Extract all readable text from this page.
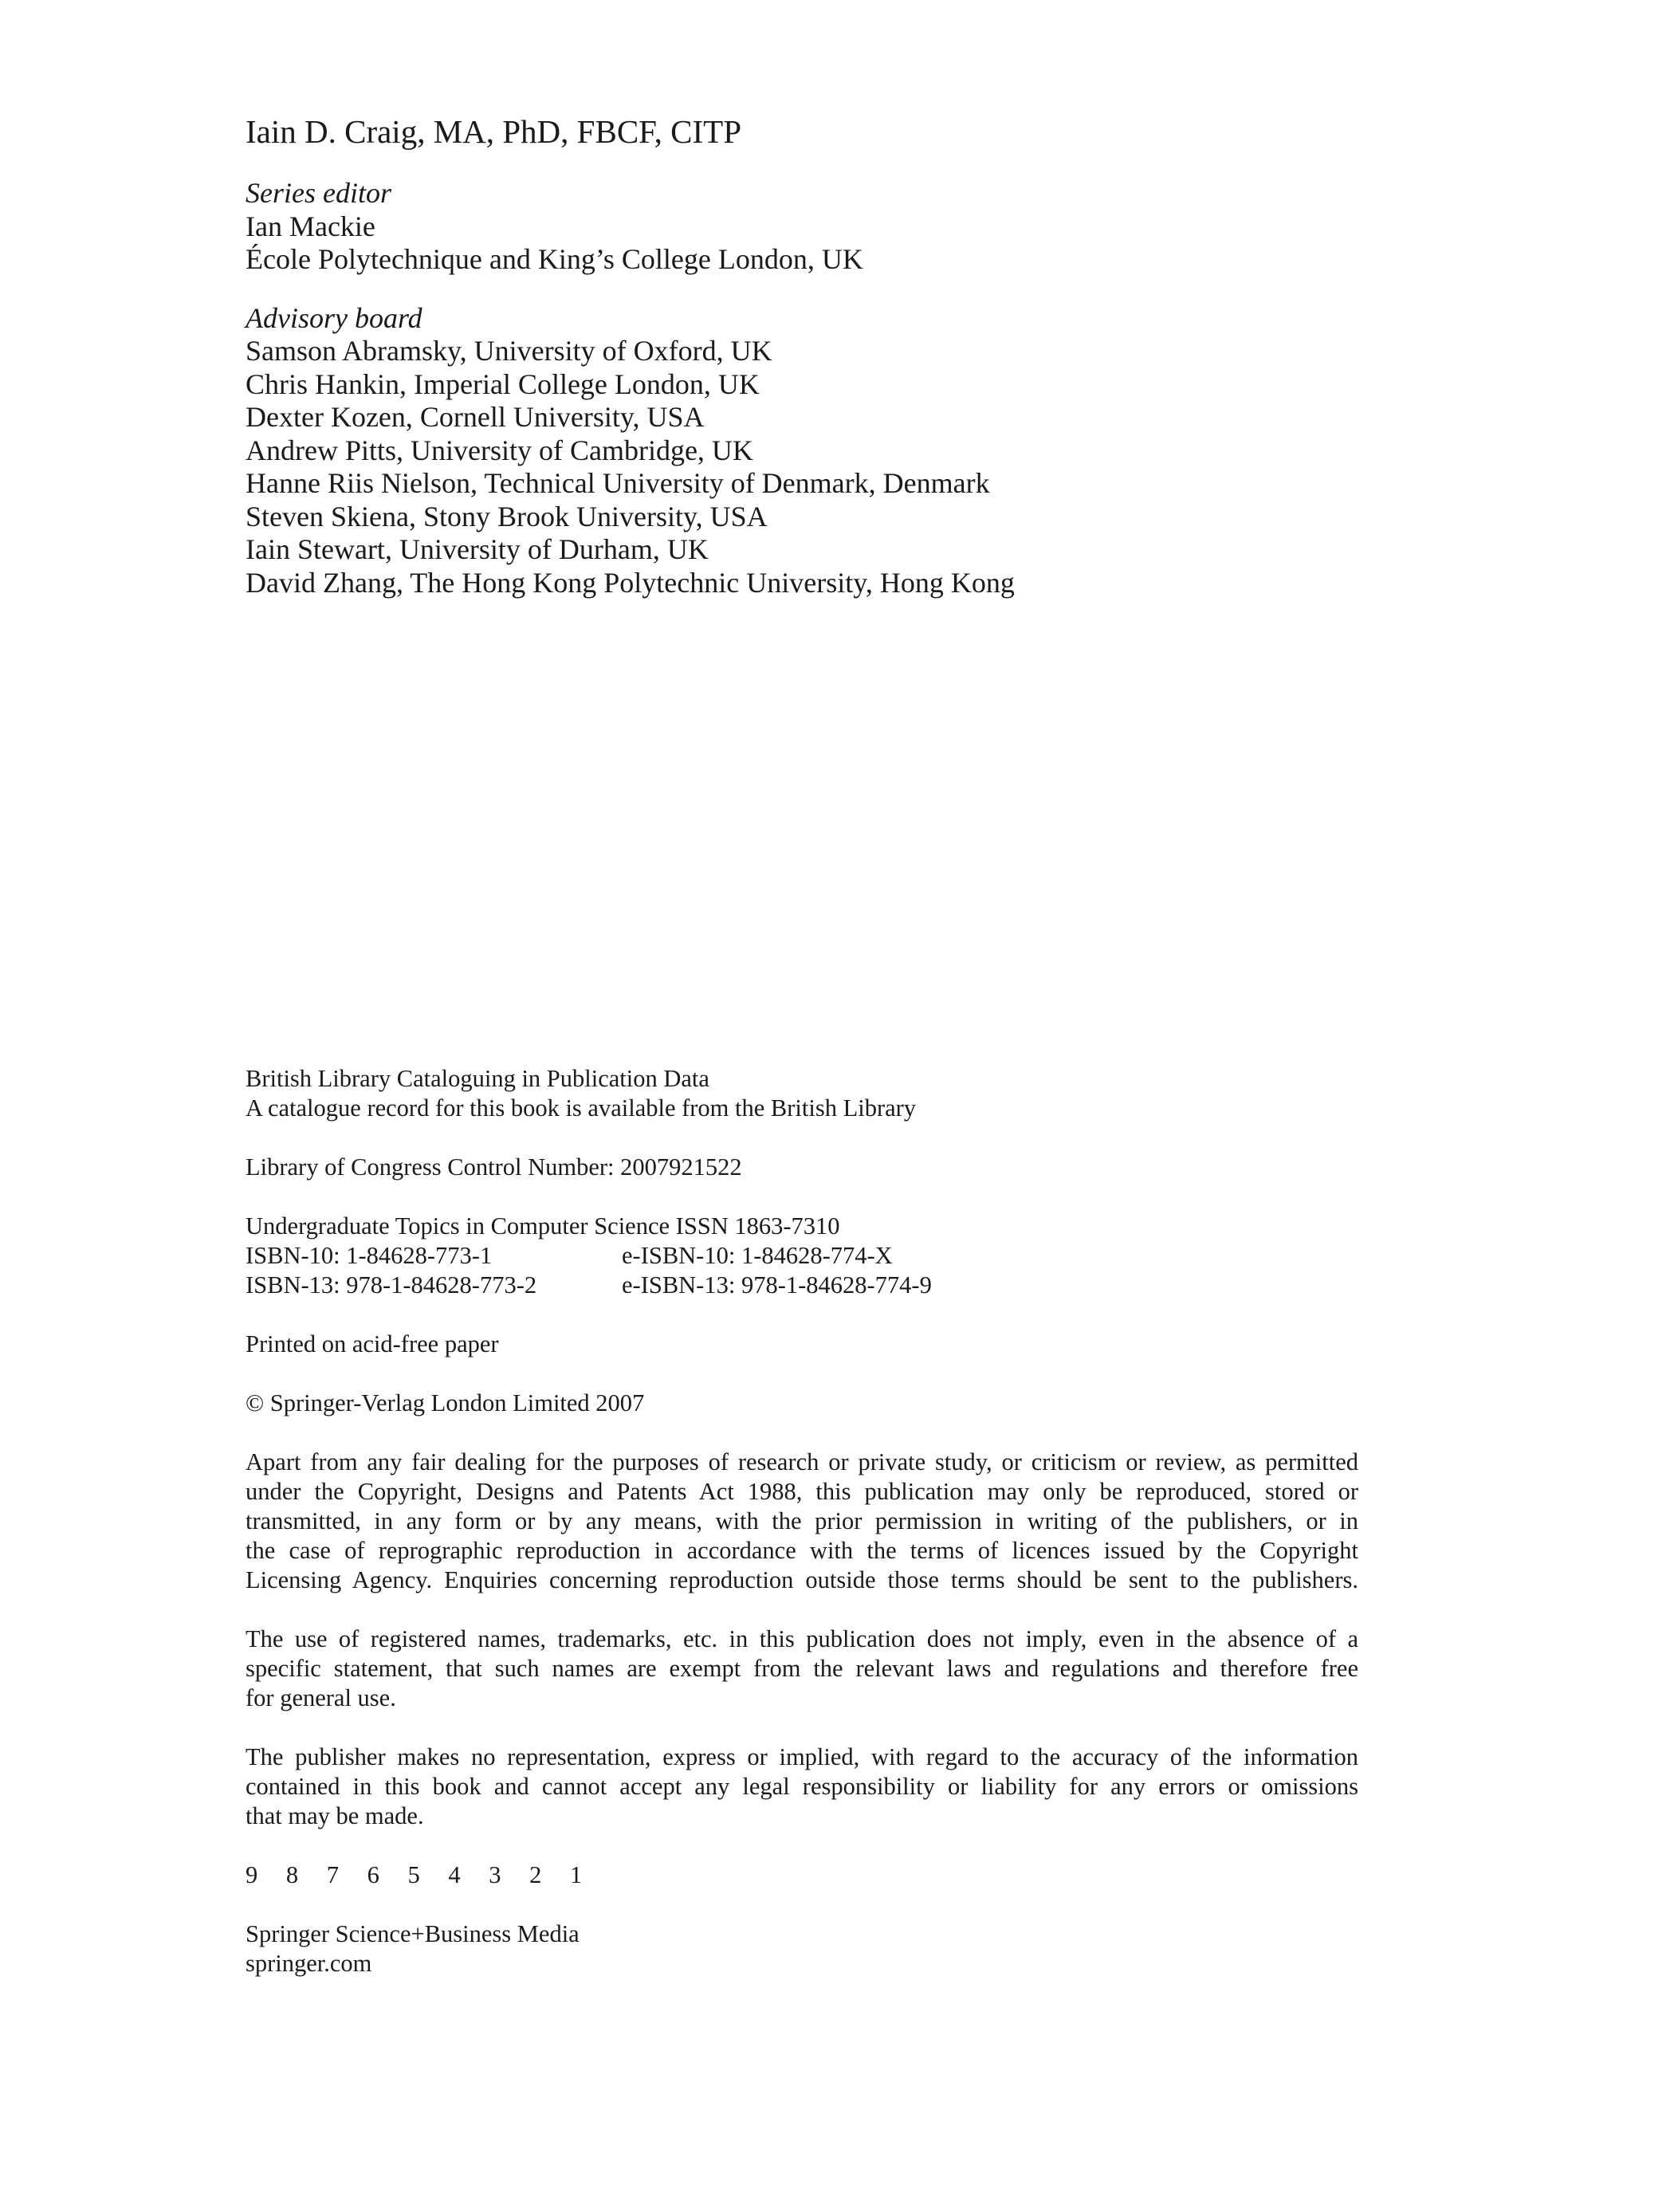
Iain D. Craig, MA, PhD, FBCF, CITP

Series editor
Ian Mackie
École Polytechnique and King’s College London, UK
Advisory board
Samson Abramsky, University of Oxford, UK
Chris Hankin, Imperial College London, UK
Dexter Kozen, Cornell University, USA
Andrew Pitts, University of Cambridge, UK
Hanne Riis Nielson, Technical University of Denmark, Denmark
Steven Skiena, Stony Brook University, USA
Iain Stewart, University of Durham, UK
David Zhang, The Hong Kong Polytechnic University, Hong Kong
British Library Cataloguing in Publication Data
A catalogue record for this book is available from the British Library
Library of Congress Control Number: 2007921522
Undergraduate Topics in Computer Science ISSN 1863-7310
ISBN-10: 1-84628-773-1	e-ISBN-10: 1-84628-774-X
ISBN-13: 978-1-84628-773-2	e-ISBN-13: 978-1-84628-774-9
Printed on acid-free paper
© Springer-Verlag London Limited 2007

Apart from any fair dealing for the purposes of research or private study, or criticism or review, as permitted
under the Copyright, Designs and Patents Act 1988, this publication may only be reproduced, stored or
transmitted, in any form or by any means, with the prior permission in writing of the publishers, or in
the case of reprographic reproduction in accordance with the terms of licences issued by the Copyright
Licensing Agency. Enquiries concerning reproduction outside those terms should be sent to the publishers.

The use of registered names, trademarks, etc. in this publication does not imply, even in the absence of a
specific statement, that such names are exempt from the relevant laws and regulations and therefore free
for general use.

The publisher makes no representation, express or implied, with regard to the accuracy of the information
contained in this book and cannot accept any legal responsibility or liability for any errors or omissions
that may be made.

9 8 7 6 5 4 3 2 1
Springer Science+Business Media
springer.com
